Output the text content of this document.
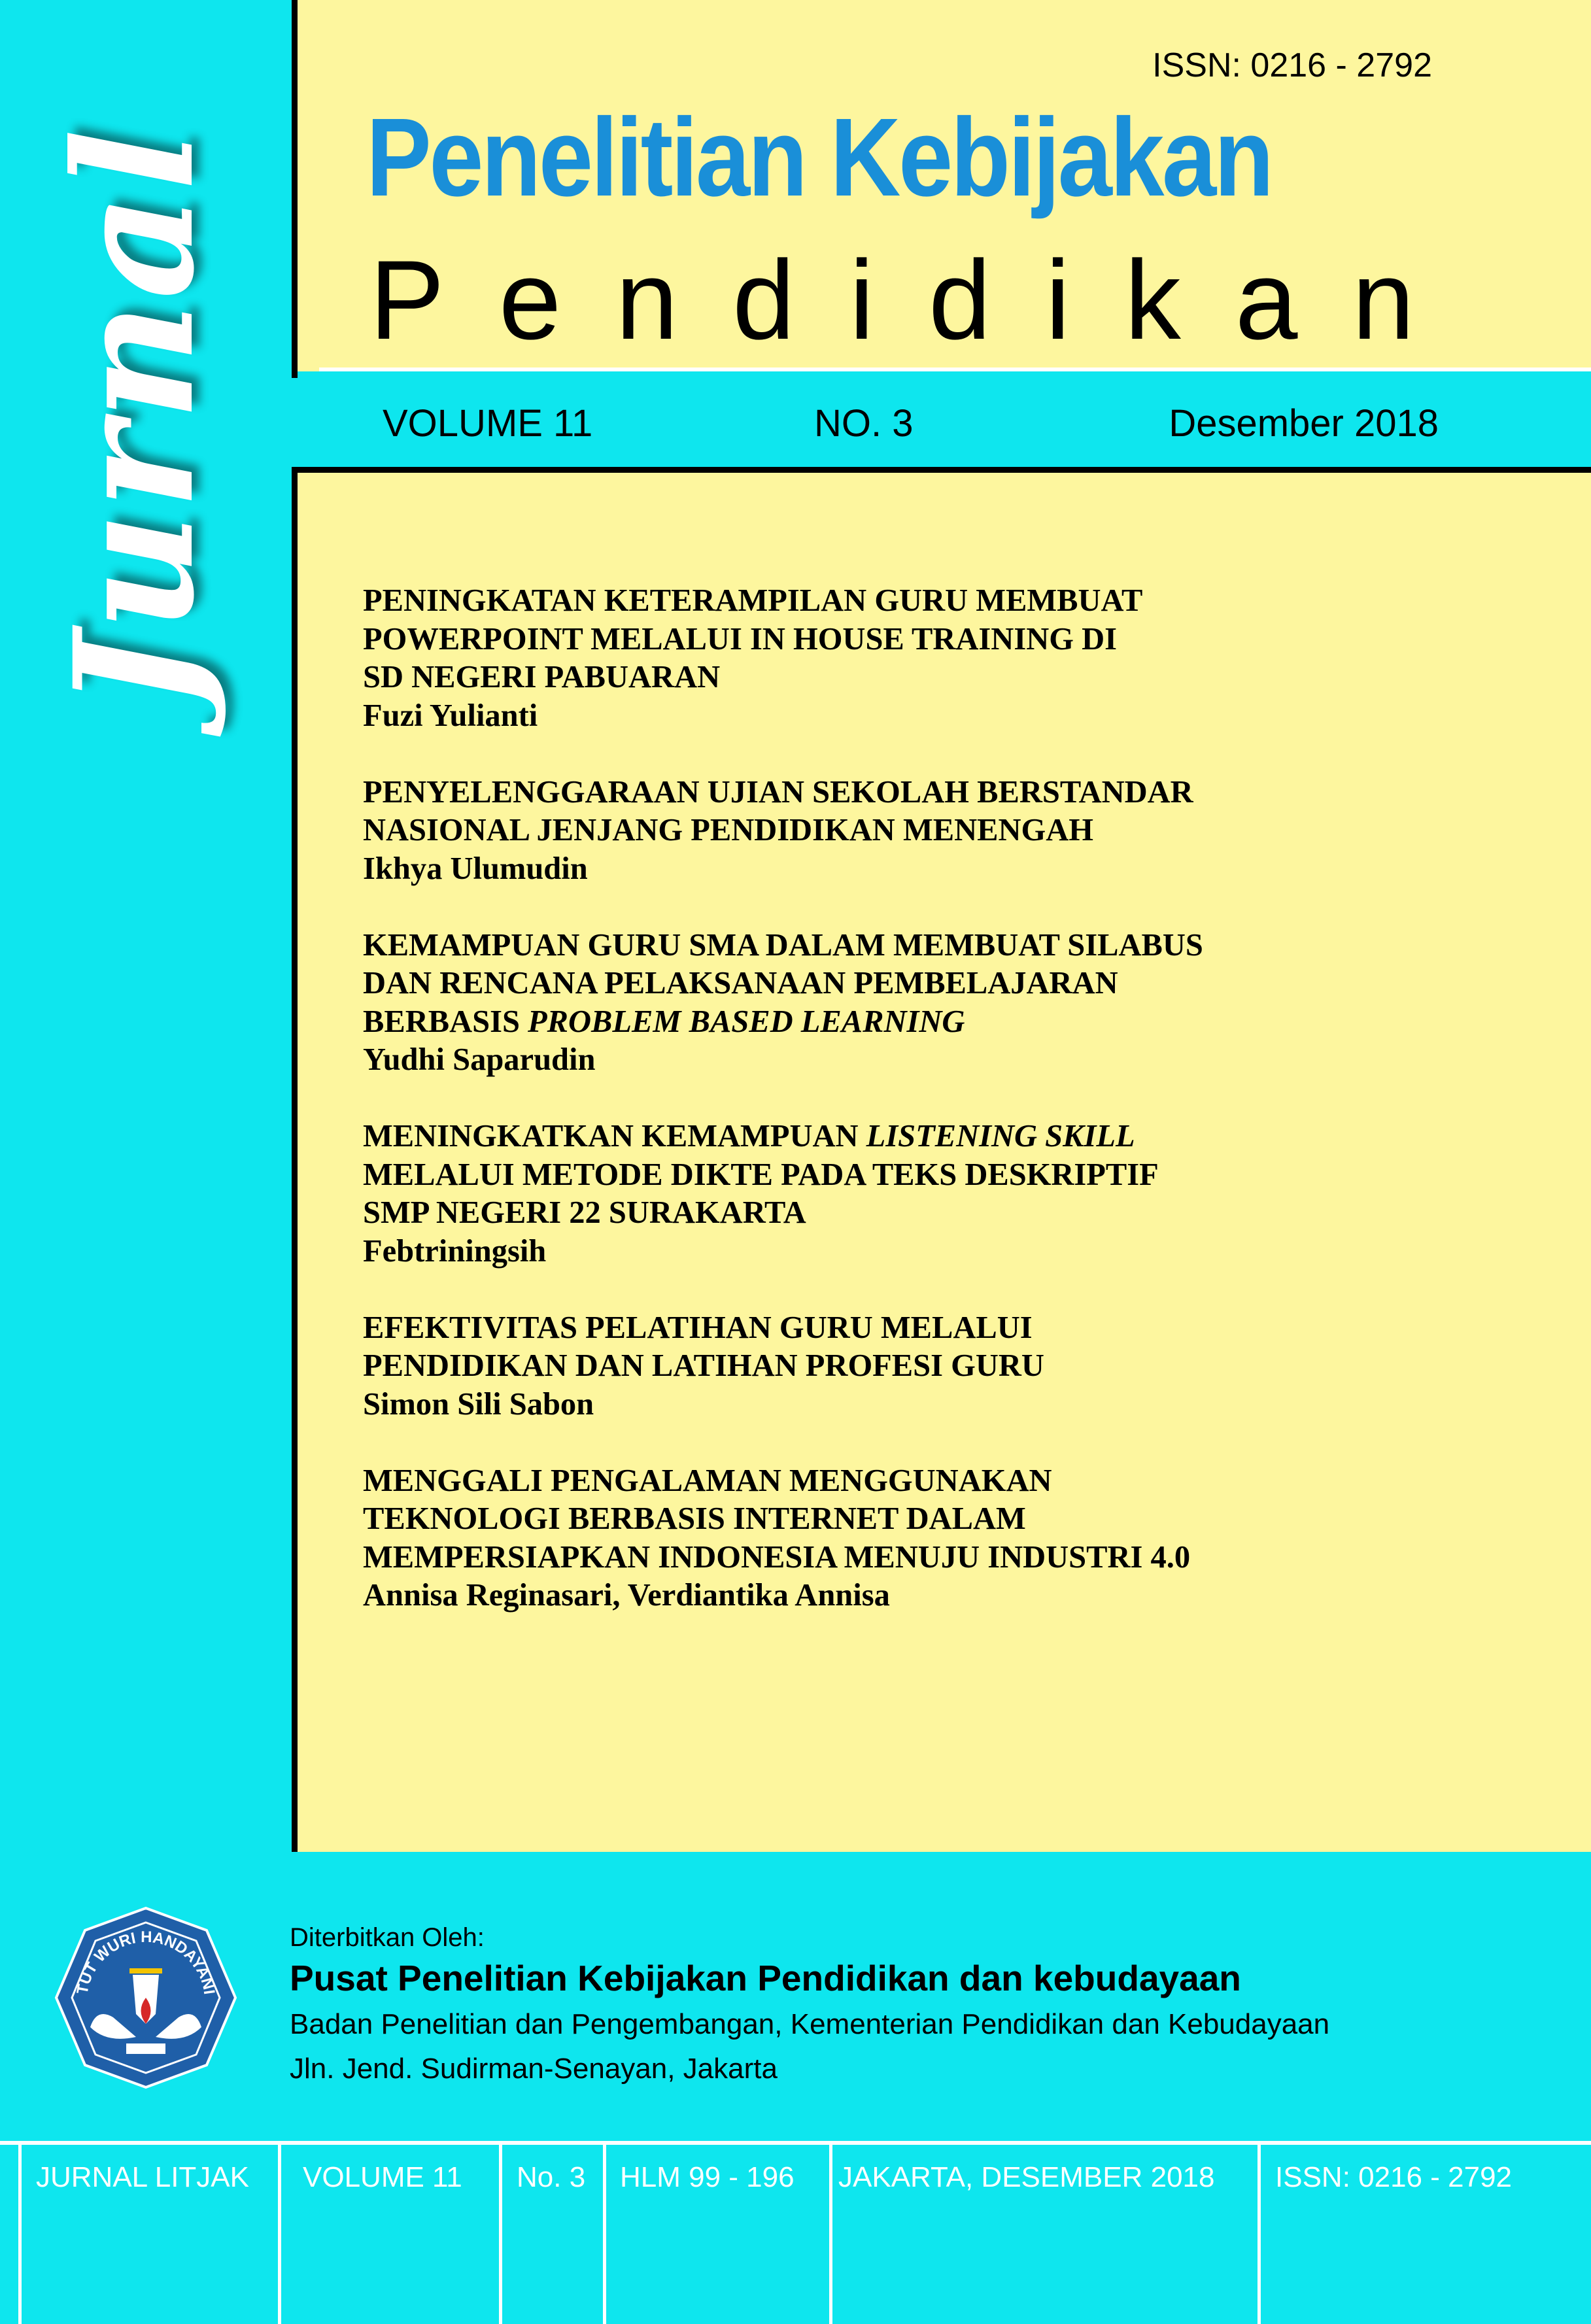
Jurnal
ISSN: 0216 - 2792
Penelitian Kebijakan
Pendidikan
VOLUME 11	NO. 3	Desember 2018
PENINGKATAN KETERAMPILAN GURU MEMBUAT
POWERPOINT MELALUI IN HOUSE TRAINING DI
SD NEGERI PABUARAN
Fuzi Yulianti
PENYELENGGARAAN UJIAN SEKOLAH BERSTANDAR
NASIONAL JENJANG PENDIDIKAN MENENGAH
Ikhya Ulumudin
KEMAMPUAN GURU SMA DALAM MEMBUAT SILABUS
DAN RENCANA PELAKSANAAN PEMBELAJARAN
BERBASIS PROBLEM BASED LEARNING
Yudhi Saparudin
MENINGKATKAN KEMAMPUAN LISTENING SKILL
MELALUI METODE DIKTE PADA TEKS DESKRIPTIF
SMP NEGERI 22 SURAKARTA
Febtriningsih
EFEKTIVITAS PELATIHAN GURU MELALUI
PENDIDIKAN DAN LATIHAN PROFESI GURU
Simon Sili Sabon
MENGGALI PENGALAMAN MENGGUNAKAN
TEKNOLOGI BERBASIS INTERNET DALAM
MEMPERSIAPKAN INDONESIA MENUJU INDUSTRI 4.0
Annisa Reginasari, Verdiantika Annisa
TUT WURI HANDAYANI
Diterbitkan Oleh:
Pusat Penelitian Kebijakan Pendidikan dan kebudayaan
Badan Penelitian dan Pengembangan, Kementerian Pendidikan dan Kebudayaan
Jln. Jend. Sudirman-Senayan, Jakarta
JURNAL LITJAK VOLUME 11 No. 3 HLM 99 - 196 JAKARTA, DESEMBER 2018 ISSN: 0216 - 2792
